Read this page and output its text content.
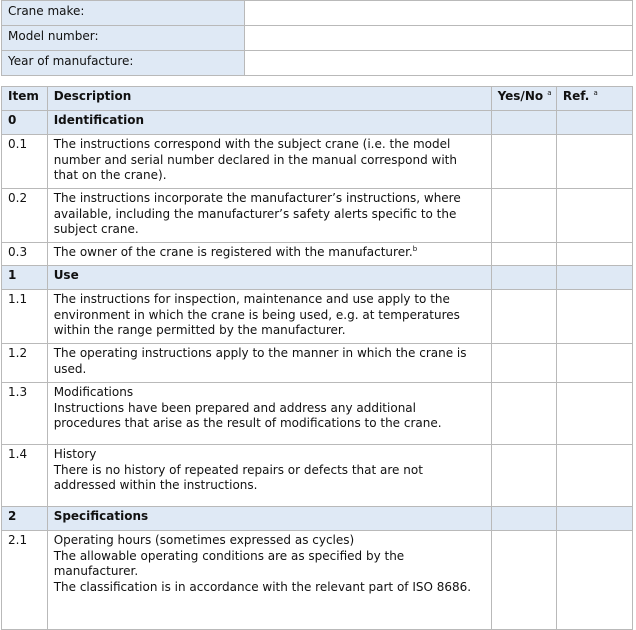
Crane make:	
Model number:	
Year of manufacture:	
Item	Description	Yes/No $^a$	Ref. $^a$
0	Identification		

0.1	The instructions correspond with the subject crane (i.e. the model
number and serial number declared in the manual correspond with
that on the crane).		

0.2	The instructions incorporate the manufacturer’s instructions, where
available, including the manufacturer’s safety alerts specific to the
subject crane.		

0.3	The owner of the crane is registered with the manufacturer.$^b$

1	Use		

1.1	The instructions for inspection, maintenance and use apply to the
environment in which the crane is being used, e.g. at temperatures
within the range permitted by the manufacturer.		

1.2	The operating instructions apply to the manner in which the crane is
used.		

1.3	Modifications
Instructions have been prepared and address any additional
procedures that arise as the result of modifications to the crane.		

1.4	History
There is no history of repeated repairs or defects that are not
addressed within the instructions.		

2	Specifications		

2.1	Operating hours (sometimes expressed as cycles)
The allowable operating conditions are as specified by the
manufacturer.
The classification is in accordance with the relevant part of ISO 8686.		
